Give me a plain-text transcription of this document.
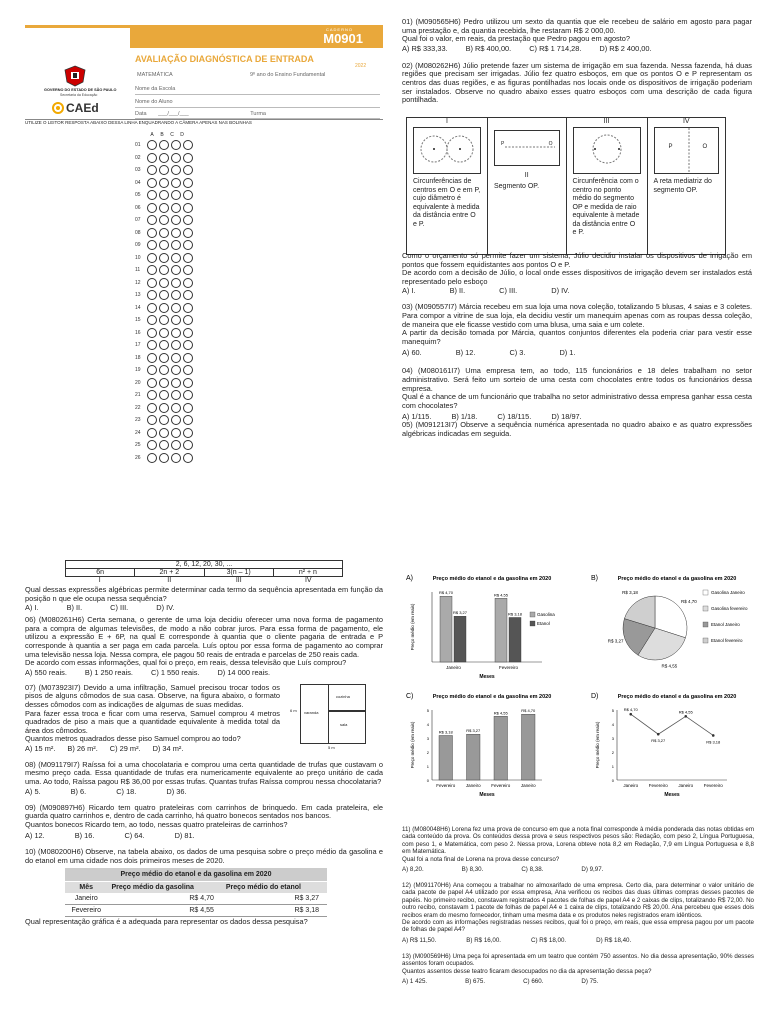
CADERNO
M0901
AVALIAÇÃO DIAGNÓSTICA DE ENTRADA
2022
MATEMÁTICA	9º ano do Ensino Fundamental
GOVERNO DO ESTADO DE SÃO PAULO
Secretaria da Educação
CAEd
Nome da Escola
Nome do Aluno
Data ___/___/___	Turma
UTILIZE O LEITOR RESPOSTA ABAIXO DESSA LINHA ENQUADRANDO A CÂMERA APENAS NAS BOLINHAS
A	B	C	D
01
02
03
04
05
06
07
08
09
10
11
12
13
14
15
16
17
18
19
20
21
22
23
24
25
26
01) (M090565H6) Pedro utilizou um sexto da quantia que ele recebeu de salário em agosto para pagar uma prestação e, da quantia recebida, lhe restaram R$ 2 000,00.
Qual foi o valor, em reais, da prestação que Pedro pagou em agosto?
A) R$ 333,33. B) R$ 400,00. C) R$ 1 714,28. D) R$ 2 400,00.
02) (M080262H6) Júlio pretende fazer um sistema de irrigação em sua fazenda. Nessa fazenda, há duas regiões que precisam ser irrigadas. Júlio fez quatro esboços, em que os pontos O e P representam os centros das duas regiões, e as figuras pontilhadas nos locais onde os dispositivos de irrigação poderiam ser instalados. Observe no quadro abaixo esses quatro esboços com uma descrição de cada figura pontilhada.
I
Circunferências de centros em O e em P, cujo diâmetro é equivalente à medida da distância entre O e P.
P	O
II
Segmento OP.
III
Circunferência com o centro no ponto médio do segmento OP e medida de raio equivalente à metade da distância entre O e P.
IV
P	O
A reta mediatriz do segmento OP.
Como o orçamento só permite fazer um sistema, Júlio decidiu instalar os dispositivos de irrigação em pontos que fossem equidistantes aos pontos O e P.
De acordo com a decisão de Júlio, o local onde esses dispositivos de irrigação devem ser instalados está representado pelo esboço
A) I.	B) II.	C) III.	D) IV.
03) (M090557I7) Márcia recebeu em sua loja uma nova coleção, totalizando 5 blusas, 4 saias e 3 coletes. Para compor a vitrine de sua loja, ela decidiu vestir um manequim apenas com as roupas dessa coleção, de maneira que ele ficasse vestido com uma blusa, uma saia e um colete.
A partir da decisão tomada por Márcia, quantos conjuntos diferentes ela poderia criar para vestir esse manequim?
A) 60.	B) 12.	C) 3.	D) 1.
04) (M080161I7) Uma empresa tem, ao todo, 115 funcionários e 18 deles trabalham no setor administrativo. Será feito um sorteio de uma cesta com chocolates entre todos os funcionários dessa empresa.
Qual é a chance de um funcionário que trabalha no setor administrativo dessa empresa ganhar essa cesta com chocolates?
A) 1/115.	B) 1/18.	C) 18/115.	D) 18/97.
05) (M091213I7) Observe a sequência numérica apresentada no quadro abaixo e as quatro expressões algébricas indicadas em seguida.
2, 6, 12, 20, 30, ...
6n	2n + 2	3(n – 1)	n² + n
I	II	III	IV
Qual dessas expressões algébricas permite determinar cada termo da sequência apresentada em função da posição n que ele ocupa nessa sequência?
A) I.	B) II.	C) III.	D) IV.
06) (M080261H6) Certa semana, o gerente de uma loja decidiu oferecer uma nova forma de pagamento para a compra de algumas televisões, de modo a não cobrar juros. Para essa forma de pagamento, ele utilizou a expressão E + 6P, na qual E corresponde à quantia que o cliente pagaria de entrada e P corresponde à quantia a ser paga em cada parcela. Luís optou por essa forma de pagamento ao comprar uma televisão nessa loja. Nessa compra, ele pagou 50 reais de entrada e parcelas de 250 reais cada.
De acordo com essas informações, qual foi o preço, em reais, dessa televisão que Luís comprou?
A) 550 reais. B) 1 250 reais. C) 1 550 reais. D) 14 000 reais.
07) (M073923I7) Devido a uma infiltração, Samuel precisou trocar todos os pisos de alguns cômodos de sua casa. Observe, na figura abaixo, o formato desses cômodos com as indicações de algumas de suas medidas.
Para fazer essa troca e ficar com uma reserva, Samuel comprou 4 metros quadrados de piso a mais que a quantidade equivalente à medida total da área dos cômodos.
Quantos metros quadrados desse piso Samuel comprou ao todo?
A) 15 m². B) 26 m². C) 29 m². D) 34 m².
cozinha
varanda
sala
6 m
5 m
08) (M091179I7) Raíssa foi a uma chocolataria e comprou uma certa quantidade de trufas que custavam o mesmo preço cada. Essa quantidade de trufas era numericamente equivalente ao preço unitário de cada uma. Ao todo, Raíssa pagou R$ 36,00 por essas trufas. Quantas trufas Raíssa comprou nessa chocolataria?
A) 5.	B) 6.	C) 18.	D) 36.
09) (M090897H6) Ricardo tem quatro prateleiras com carrinhos de brinquedo. Em cada prateleira, ele guarda quatro carrinhos e, dentro de cada carrinho, há quatro bonecos sentados nos bancos.
Quantos bonecos Ricardo tem, ao todo, nessas quatro prateleiras de carrinhos?
A) 12.	B) 16.	C) 64.	D) 81.
10) (M080200H6) Observe, na tabela abaixo, os dados de uma pesquisa sobre o preço médio da gasolina e do etanol em uma cidade nos dois primeiros meses de 2020.
Preço médio do etanol e da gasolina em 2020		
Mês	Preço médio da gasolina	Preço médio do etanol
Janeiro	R$ 4,70	R$ 3,27
Fevereiro	R$ 4,55	R$ 3,18
Qual representação gráfica é a adequada para representar os dados dessa pesquisa?
A)	Preço médio do etanol e da gasolina em 2020
Preço médio (em reais)
Meses
Janeiro	Fevereiro
R$ 4,70
R$ 3,27
R$ 4,55
R$ 3,18	Gasolina
Etanol
B)	Preço médio do etanol e da gasolina em 2020
R$ 4,70
Gasolina Janeiro
R$ 4,55
Gasolina fevereiro
R$ 3,27
Etanol Janeiro
R$ 3,18
Etanol fevereiro
C)	Preço médio do etanol e da gasolina em 2020
Preço médio (em reais)
Meses
R$ 3,18
Fevereiro
R$ 3,27
Janeiro
R$ 4,55
Fevereiro
R$ 4,70
Janeiro
0
1
2
3
4
5
D)	Preço médio do etanol e da gasolina em 2020
Preço médio (em reais)
Meses
Janeiro Fevereiro Janeiro Fevereiro
R$ 4,70
R$ 3,27
R$ 4,55
R$ 3,18
0
1
2
3
4
5
11) (M080048H6) Lorena fez uma prova de concurso em que a nota final corresponde à média ponderada das notas obtidas em cada conteúdo da prova. Os conteúdos dessa prova e seus respectivos pesos são: Redação, com peso 2, Língua Portuguesa, com peso 1, e Matemática, com peso 2. Nessa prova, Lorena obteve nota 8,2 em Redação, 7,9 em Língua Portuguesa e 8,8 em Matemática.
Qual foi a nota final de Lorena na prova desse concurso?
A) 8,20.	B) 8,30.	C) 8,38.	D) 9,97.
12) (M091170H6) Ana começou a trabalhar no almoxarifado de uma empresa. Certo dia, para determinar o valor unitário de cada pacote de papel A4 utilizado por essa empresa, Ana verificou os recibos das duas últimas compras desses pacotes de papéis. No primeiro recibo, constavam registrados 4 pacotes de folhas de papel A4 e 2 caixas de clips, totalizando R$ 72,00. No outro recibo, constavam 1 pacote de folhas de papel A4 e 1 caixa de clips, totalizando R$ 20,00. Ana percebeu que esses dois recibos eram do mesmo fornecedor, tinham uma mesma data e os produtos neles registrados eram idênticos.
De acordo com as informações registradas nesses recibos, qual foi o preço, em reais, que essa empresa pagou por um pacote de folhas de papel A4?
A) R$ 11,50.	B) R$ 16,00.	C) R$ 18,00.	D) R$ 18,40.
13) (M090569H6) Uma peça foi apresentada em um teatro que contém 750 assentos. No dia dessa apresentação, 90% desses assentos foram ocupados.
Quantos assentos desse teatro ficaram desocupados no dia da apresentação dessa peça?
A) 1 425.	B) 675.	C) 660.	D) 75.
